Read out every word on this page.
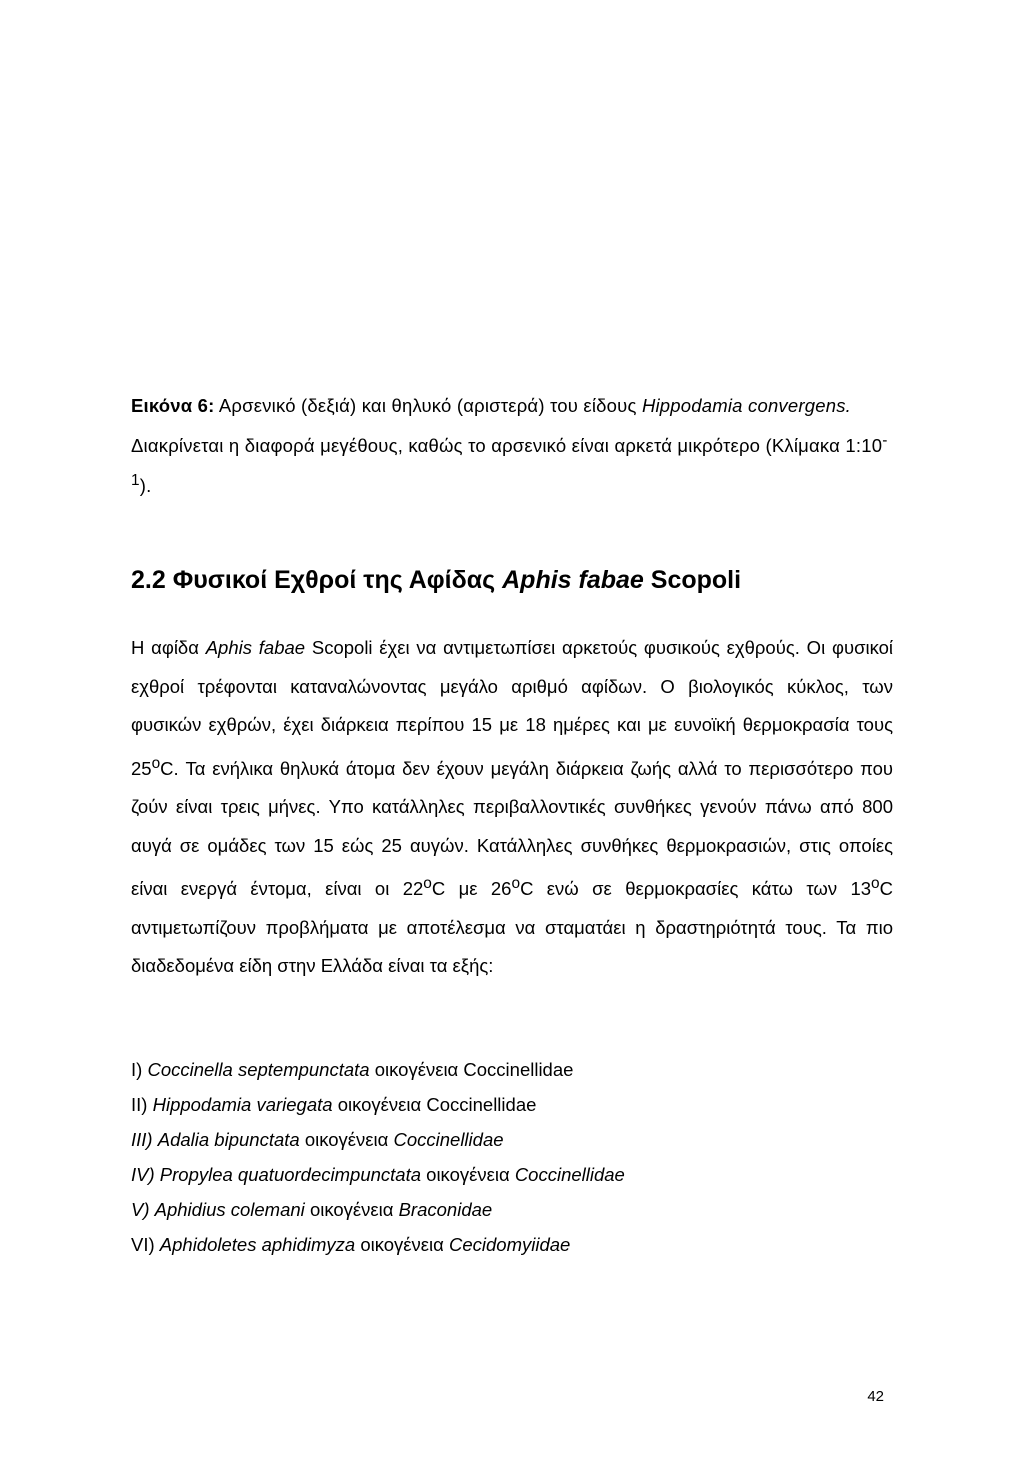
Εικόνα 6: Αρσενικό (δεξιά) και θηλυκό (αριστερά) του είδους Hippodamia convergens. Διακρίνεται η διαφορά μεγέθους, καθώς το αρσενικό είναι αρκετά μικρότερο (Κλίμακα $1:10^{-1}$).
2.2 Φυσικοί Εχθροί της Αφίδας Aphis fabae Scopoli
Η αφίδα Aphis fabae Scopoli έχει να αντιμετωπίσει αρκετούς φυσικούς εχθρούς. Οι φυσικοί εχθροί τρέφονται καταναλώνοντας μεγάλο αριθμό αφίδων. Ο βιολογικός κύκλος, των φυσικών εχθρών, έχει διάρκεια περίπου 15 με 18 ημέρες και με ευνοϊκή θερμοκρασία τους 25$^o$C. Τα ενήλικα θηλυκά άτομα δεν έχουν μεγάλη διάρκεια ζωής αλλά το περισσότερο που ζούν είναι τρεις μήνες. Υπο κατάλληλες περιβαλλοντικές συνθήκες γενούν πάνω από 800 αυγά σε ομάδες των 15 εώς 25 αυγών. Κατάλληλες συνθήκες θερμοκρασιών, στις οποίες είναι ενεργά έντομα, είναι οι 22$^o$C με 26$^o$C ενώ σε θερμοκρασίες κάτω των 13$^o$C αντιμετωπίζουν προβλήματα με αποτέλεσμα να σταματάει η δραστηριότητά τους. Τα πιο διαδεδομένα είδη στην Ελλάδα είναι τα εξής:
I) Coccinella septempunctata οικογένεια Coccinellidae
II) Hippodamia variegata οικογένεια Coccinellidae
III) Adalia bipunctata οικογένεια Coccinellidae
IV) Propylea quatuordecimpunctata οικογένεια Coccinellidae
V) Aphidius colemani οικογένεια Braconidae
VI) Aphidoletes aphidimyza οικογένεια Cecidomyiidae
42
